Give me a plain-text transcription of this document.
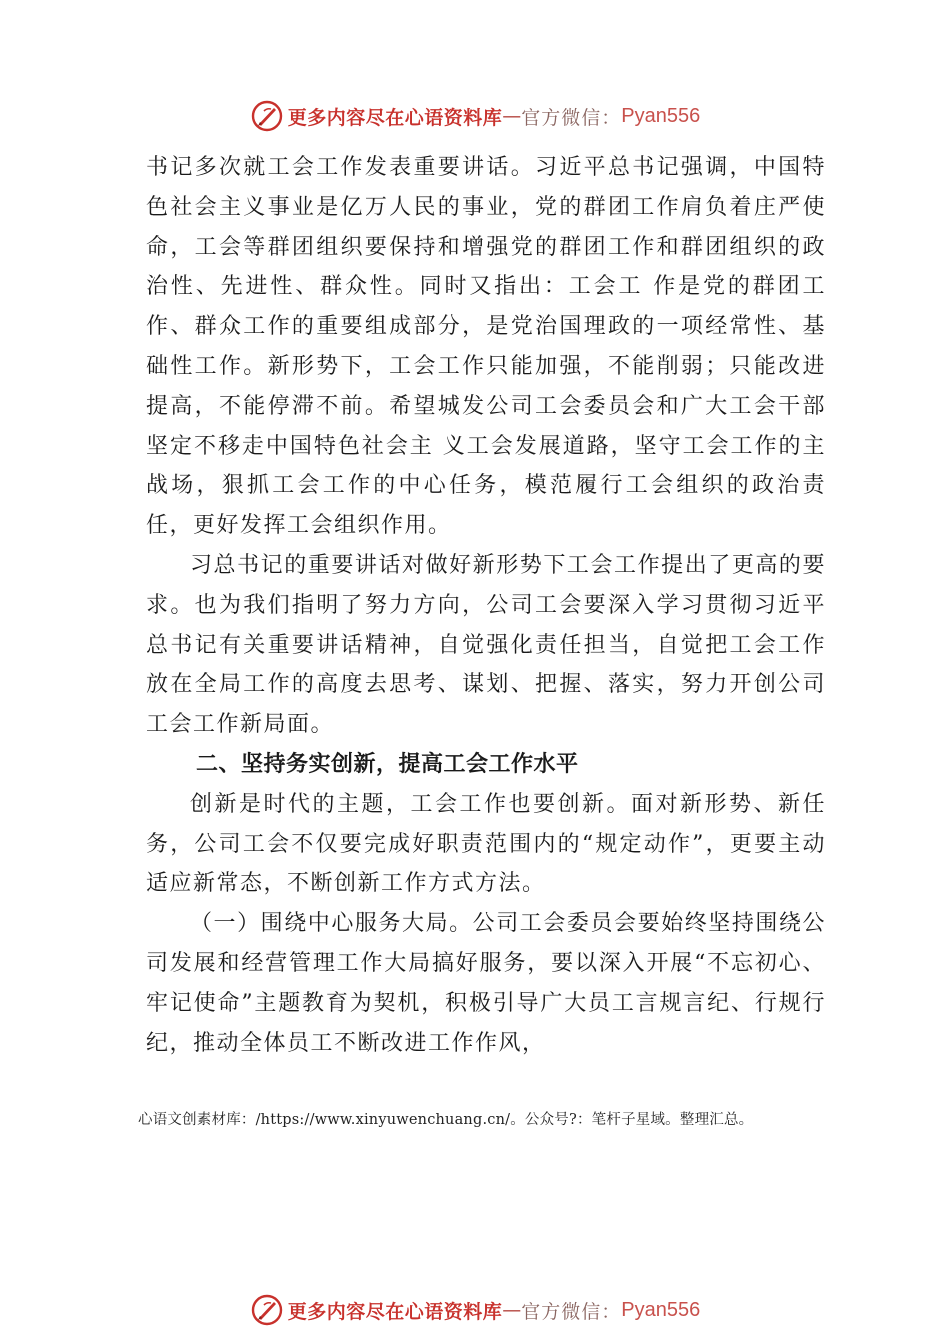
更多内容尽在心语资料库 — 官方微信： Pyan556

书记多次就工会工作发表重要讲话。习近平总书记强调，中国特色社会主义事业是亿万人民的事业，党的群团工作肩负着庄严使命，工会等群团组织要保持和增强党的群团工作和群团组织的政治性、先进性、群众性。同时又指出：工会工 作是党的群团工作、群众工作的重要组成部分，是党治国理政的一项经常性、基础性工作。新形势下，工会工作只能加强，不能削弱；只能改进提高，不能停滞不前。希望城发公司工会委员会和广大工会干部坚定不移走中国特色社会主 义工会发展道路，坚守工会工作的主战场，狠抓工会工作的中心任务，模范履行工会组织的政治责任，更好发挥工会组织作用。

习总书记的重要讲话对做好新形势下工会工作提出了更高的要求。也为我们指明了努力方向，公司工会要深入学习贯彻习近平总书记有关重要讲话精神，自觉强化责任担当，自觉把工会工作放在全局工作的高度去思考、谋划、把握、落实，努力开创公司工会工作新局面。

二、坚持务实创新，提高工会工作水平

创新是时代的主题，工会工作也要创新。面对新形势、新任务，公司工会不仅要完成好职责范围内的“规定动作”，更要主动适应新常态，不断创新工作方式方法。

（一）围绕中心服务大局。公司工会委员会要始终坚持围绕公司发展和经营管理工作大局搞好服务，要以深入开展“不忘初心、牢记使命”主题教育为契机，积极引导广大员工言规言纪、行规行纪，推动全体员工不断改进工作作风，

心语文创素材库：/https://www.xinyuwenchuang.cn/。公众号?：笔杆子星域。整理汇总。
更多内容尽在心语资料库 — 官方微信： Pyan556
